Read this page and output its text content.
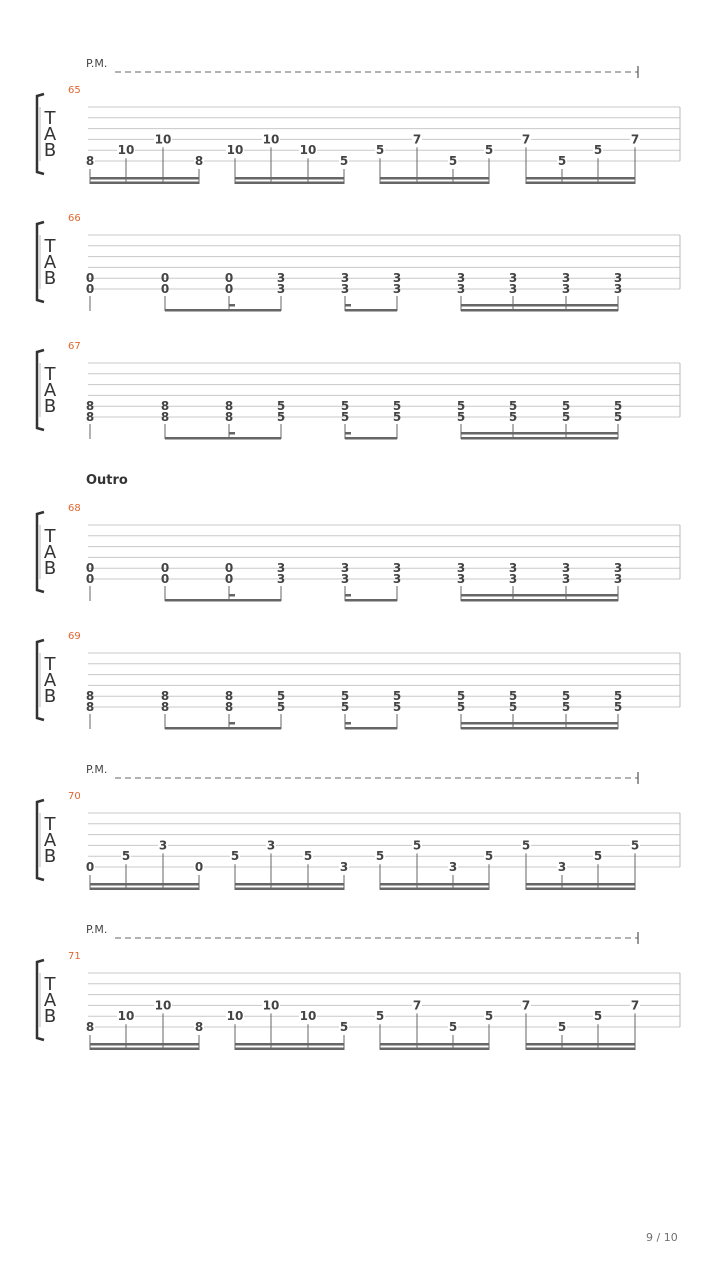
Outro
T
A
B
65
P.M.
8
10
10
8
10
10
10
5
5
7
5
5
7
5
5
7
T
A
B
66
0
0
0
0
0
0
3
3
3
3
3
3
3
3
3
3
3
3
3
3
T
A
B
67
8
8
8
8
8
8
5
5
5
5
5
5
5
5
5
5
5
5
5
5
T
A
B
68
0
0
0
0
0
0
3
3
3
3
3
3
3
3
3
3
3
3
3
3
T
A
B
69
8
8
8
8
8
8
5
5
5
5
5
5
5
5
5
5
5
5
5
5
T
A
B
70
P.M.
0
5
3
0
5
3
5
3
5
5
3
5
5
3
5
5
T
A
B
71
P.M.
8
10
10
8
10
10
10
5
5
7
5
5
7
5
5
7
9 / 10
